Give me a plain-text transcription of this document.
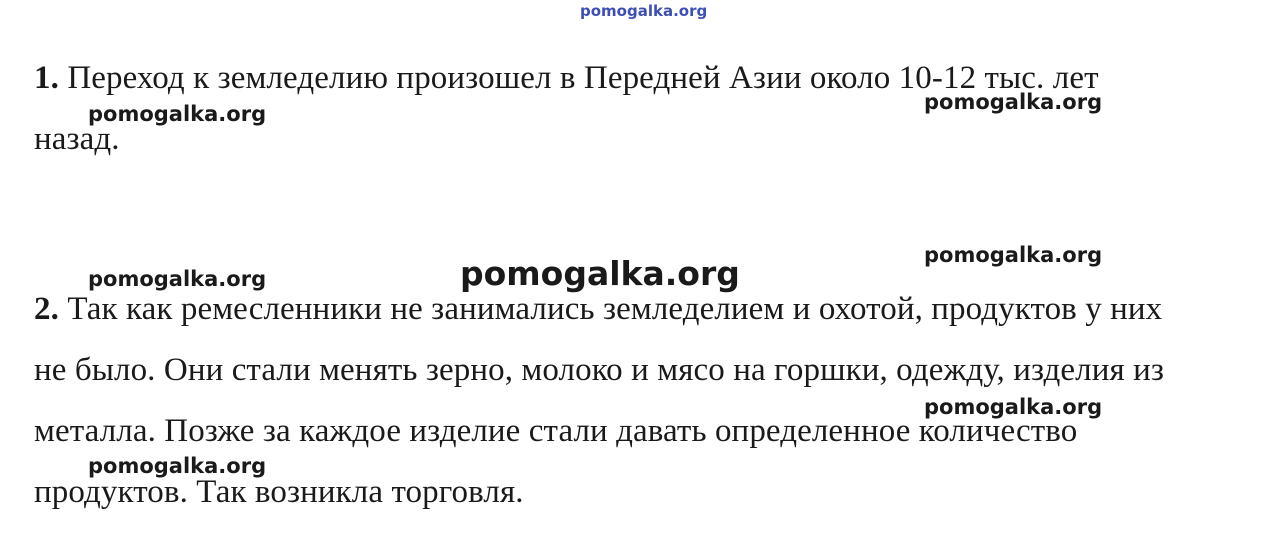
pomogalka.org

1. Переход к земледелию произошел в Передней Азии около 10-12 тыс. лет назад.

2. Так как ремесленники не занимались земледелием и охотой, продуктов у них не было. Они стали менять зерно, молоко и мясо на горшки, одежду, изделия из металла. Позже за каждое изделие стали давать определенное количество продуктов. Так возникла торговля.

pomogalka.org	pomogalka.org
pomogalka.org
pomogalka.org	pomogalka.org
pomogalka.org
pomogalka.org
